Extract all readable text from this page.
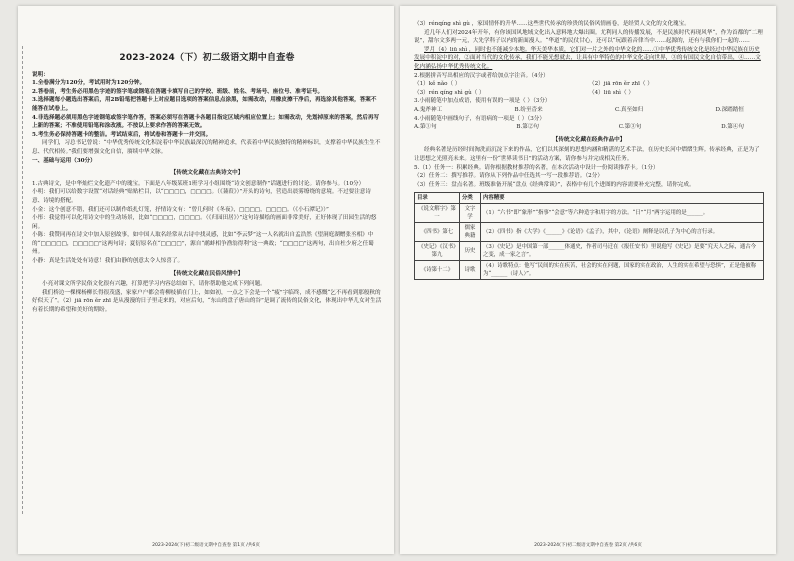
2023-2024（下）初二级语文期中自查卷
说明：

1.全卷满分为120分，考试用时为120分钟。

2.答卷前，考生务必用黑色字迹的签字笔或钢笔在答题卡填写自己的学校、班级、姓名、考场号、座位号、准考证号。

3.选择题每小题选出答案后，用2B铅笔把答题卡上对应题目选项的答案信息点涂黑，如需改动，用橡皮擦干净后，再选涂其他答案，答案不能答在试卷上。

4.非选择题必须用黑色字迹钢笔或签字笔作答，答案必须写在答题卡各题目指定区域内相应位置上；如需改动，先划掉原来的答案，然后再写上新的答案；不准使用铅笔和涂改液。不按以上要求作答的答案无效。

5.考生务必保持答题卡的整洁。考试结束后，将试卷和答题卡一并交回。

同学们，习总书记曾说：“中华优秀传统文化积淀着中华民族最深沉的精神追求，代表着中华民族独特的精神标识，支撑着中华民族生生不息、代代相传。”我们要增强文化自信，赓续中华文脉。

一、基础与运用（30分）
【传统文化藏在古典诗文中】

1.古典诗文，是中华灿烂文化遗产中的瑰宝。下面是八年级某班1班学习小组围绕“诗文创意制作”话题进行的讨论。请你参与。（10分）

小明：我们可以给数字设置“对话经典”贴贴栏目，以“□□□□，□□□□。（《蒹葭》）”开头的诗句，营造出晨雾缭绕的意境。不过要注意诗意、诗境的搭配。

小金：这个创意不错，我们还可以制作纸扎灯笼，抒情诗文有：“曾几何时《冬夜》，□□□□，□□□□。（《小石潭记》）”

小彤：我觉得可以化用诗文中的生动场景，比如“□□□□，□□□□。（《归园田居》）”这句诗描绘的画面非常美好，正好体现了田园生活的悠闲。

小陈：我赞同再在诗文中加入原创故事，如中国人取名经常从古诗中找灵感，比如“李云梦”这一人名就出自孟浩然《望洞庭湖赠张丞相》中的“□□□□□，□□□□□”这两句诗；夏衍原名在“□□□□”，源自“鹬蚌相争渔翁得利”这一典故；“□□□□”这两句，出自杜少府之任蜀州。

小静：真是生活处处有诗意！我们由静的创意太令人惊喜了。

【传统文化藏在民俗风情中】

小亮对课文所学民俗文化很有兴趣，打算把学习内容总结如下，请你帮助他完成下列问题。

我们桥边一棵棵杨柳长得很茂盛，家家户户都会将柳枝插在门上，如如初，一点之下会是一个“疲”字临终，成不感慨“乞不再看到那般秋的好似天了”。（2）jiā rōn ěr zhī 是从漫漫的日子里走来的，对应后旬，“东山的盘子唐山的谷”是调了流传的民俗文化，体现出中华儿女对生活有着长期的希望和美好的期盼。

2023-2024(下)初二级语文期中自查卷 第1页 /共6页

（3）rénqíng shì gù ，家国情怀的升华……这些世代传承的珍贵的民俗风情画卷，是经贸人文化的文化瑰宝。

近几年人们对2024年开年，有你该国风地域文化出入意料地大爆出圈。尤利同人的传播发展，不是民族时代再现风华“，作为首都的“二理说”，甜尔文多两一元，大先学科子以内的新面漫人。“华道”的民仗甘心，还可以“玩跟着音律当中……起源的，还有与我你们一起的……

罗月（4）liū shì ，同时也不能减少本地。华天美华本质，它们对一片之外的中华文化的……①中华优秀传统文化是经过中华民族在历史发展中积淀中的对，②面对当代的文化传承，我们不能光想就去，让具有中华特色的中华文化走向世界，③的有国民文化自信带出，④……文化内涵弘扬中华优秀传统文化。

2.根据拼音写出相应的汉字或者给加点字注音。（4分）

（1）kě nǎo（ ）	（2）jiā rōn ěr zhī（ ）
（3）rén qíng shì gù（ ）	（4）liū shì（ ）

3.小雨随笔中加点成语，使用有误的一项是（ ）（3分）

A.鬼斧神工	B.纷至沓来	C.真至如归	D.深踏踏恒

4.小雨随笔中画线句子，有语病的一项是（ ）（3分）

A.第①句	B.第②句	C.第③句	D.第④句
【传统文化藏在经典作品中】

经典名著是历经时间淘洗而沉淀下来的作品，它们以其深刻的思想内涵和精湛的艺术手法，在历史长河中熠熠生辉。传承经典，正是为了让思想之光照亮未来。这里有一份“世界读书日”的活动方案，请你参与并完成相关任务。

5.（1）任务一：积累经典。请你根据教材推荐的名著，在本次活动中设计一份阅读推荐卡。（1分）

（2）任务二：撰写推荐。请你从下列作品中任选其一写一段推荐语。（2分）

（3）任务三：盘点名著。班级准备开展“盘点《经典常谈》”，表格中有几个进图的内容需要补充完整，请你完成。

目录	分类	内容精要
《说文解字》第一	文字学	（1）“六书”即“象形”“指事”“会意”等六种造字和用字的方法。“日”“月”两字运用的是______。
《四书》第七	儒家典籍	（2）《四书》指《大学》《______》《论语》《孟子》，其中，《论语》阐释是以孔子为中心的言行录。
《史记》《汉书》第九	历史	（3）《史记》是中国第一部______体通史，作者司马迁在《报任安书》里说他写《史记》是要“究天人之际，通古今之变，成一家之言”。
《诗第十二》	诗歌	（4）诗歌特点：他写“民间的实在疾苦，社会的实在问题，国家的实在政治，人生的实在希望与恐惧”，正是他被称为“______（诗人）”。
2023-2024(下)初二级语文期中自查卷 第2页 /共6页
